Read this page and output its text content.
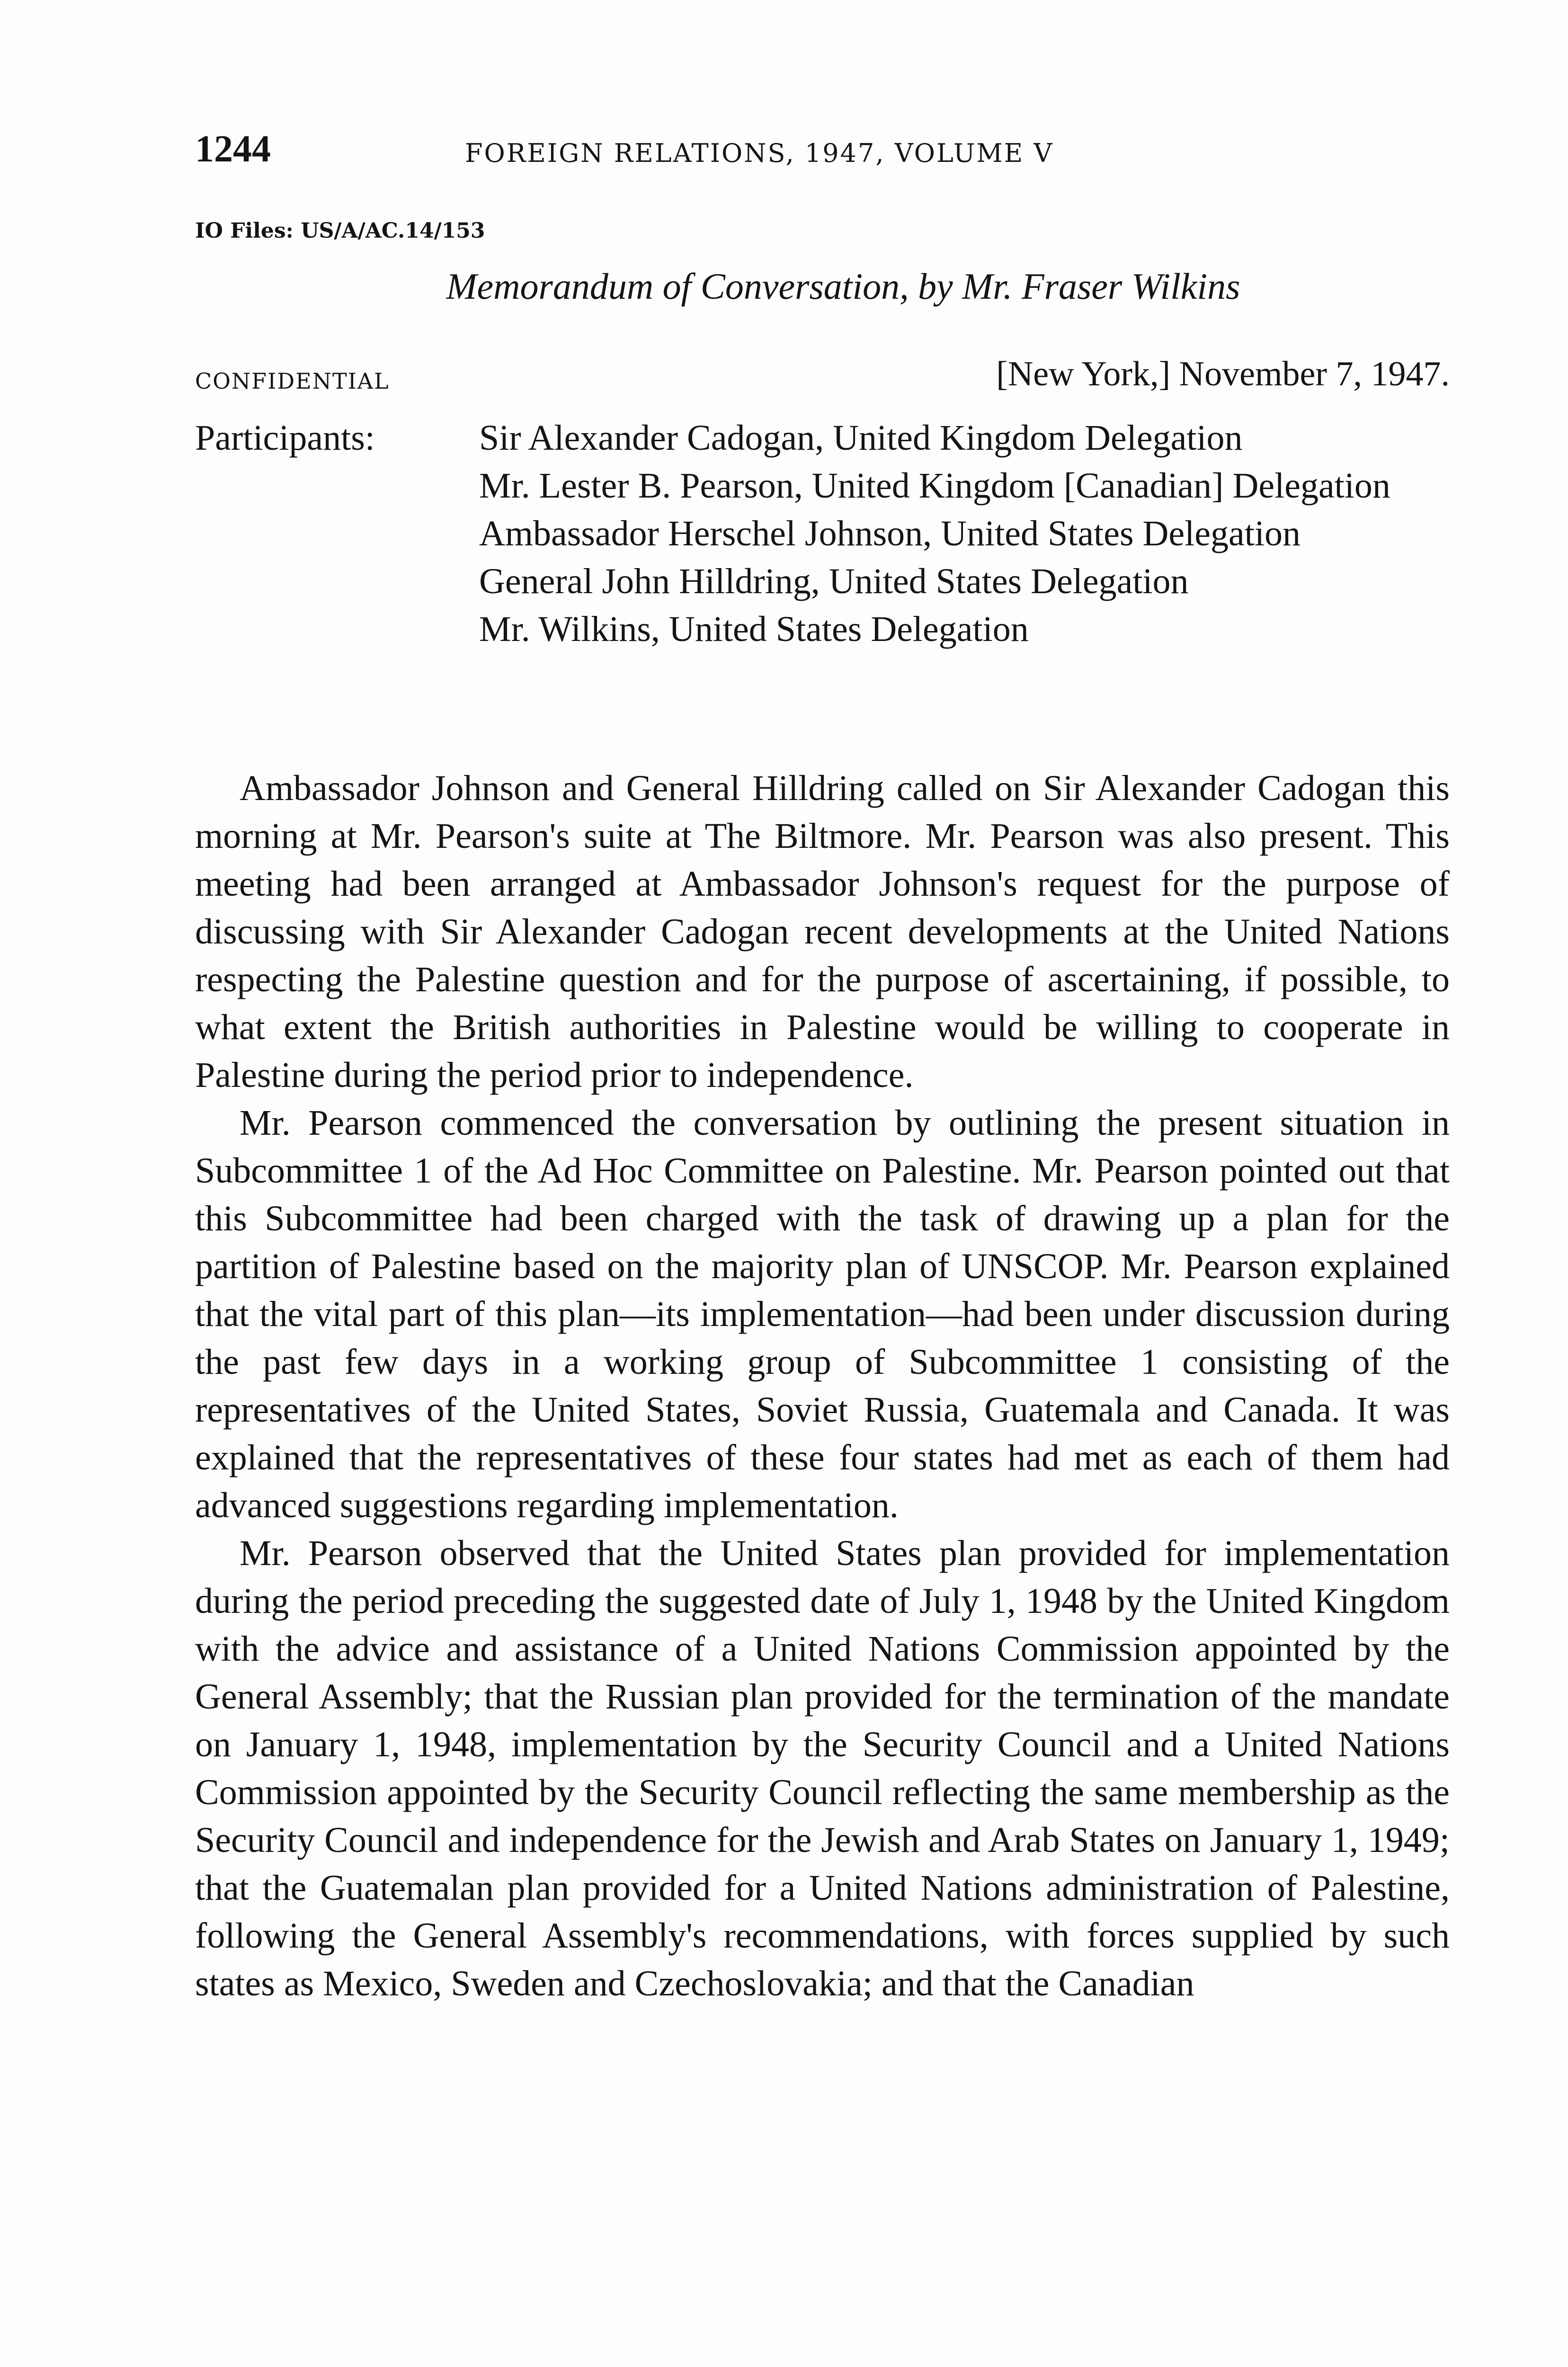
1244	FOREIGN RELATIONS, 1947, VOLUME V
IO Files: US/A/AC.14/153
Memorandum of Conversation, by Mr. Fraser Wilkins
CONFIDENTIAL	[New York,] November 7, 1947.
Participants:	Sir Alexander Cadogan, United Kingdom Delegation
Mr. Lester B. Pearson, United Kingdom [Canadian] Delegation
Ambassador Herschel Johnson, United States Delegation
General John Hilldring, United States Delegation
Mr. Wilkins, United States Delegation

Ambassador Johnson and General Hilldring called on Sir Alexander Cadogan this morning at Mr. Pearson's suite at The Biltmore. Mr. Pearson was also present. This meeting had been arranged at Ambassador Johnson's request for the purpose of discussing with Sir Alexander Cadogan recent developments at the United Nations respecting the Palestine question and for the purpose of ascertaining, if possible, to what extent the British authorities in Palestine would be willing to cooperate in Palestine during the period prior to independence.

Mr. Pearson commenced the conversation by outlining the present situation in Subcommittee 1 of the Ad Hoc Committee on Palestine. Mr. Pearson pointed out that this Subcommittee had been charged with the task of drawing up a plan for the partition of Palestine based on the majority plan of UNSCOP. Mr. Pearson explained that the vital part of this plan—its implementation—had been under discussion during the past few days in a working group of Subcommittee 1 consisting of the representatives of the United States, Soviet Russia, Guatemala and Canada. It was explained that the representatives of these four states had met as each of them had advanced suggestions regarding implementation.

Mr. Pearson observed that the United States plan provided for implementation during the period preceding the suggested date of July 1, 1948 by the United Kingdom with the advice and assistance of a United Nations Commission appointed by the General Assembly; that the Russian plan provided for the termination of the mandate on January 1, 1948, implementation by the Security Council and a United Nations Commission appointed by the Security Council reflecting the same membership as the Security Council and independence for the Jewish and Arab States on January 1, 1949; that the Guatemalan plan provided for a United Nations administration of Palestine, following the General Assembly's recommendations, with forces supplied by such states as Mexico, Sweden and Czechoslovakia; and that the Canadian
